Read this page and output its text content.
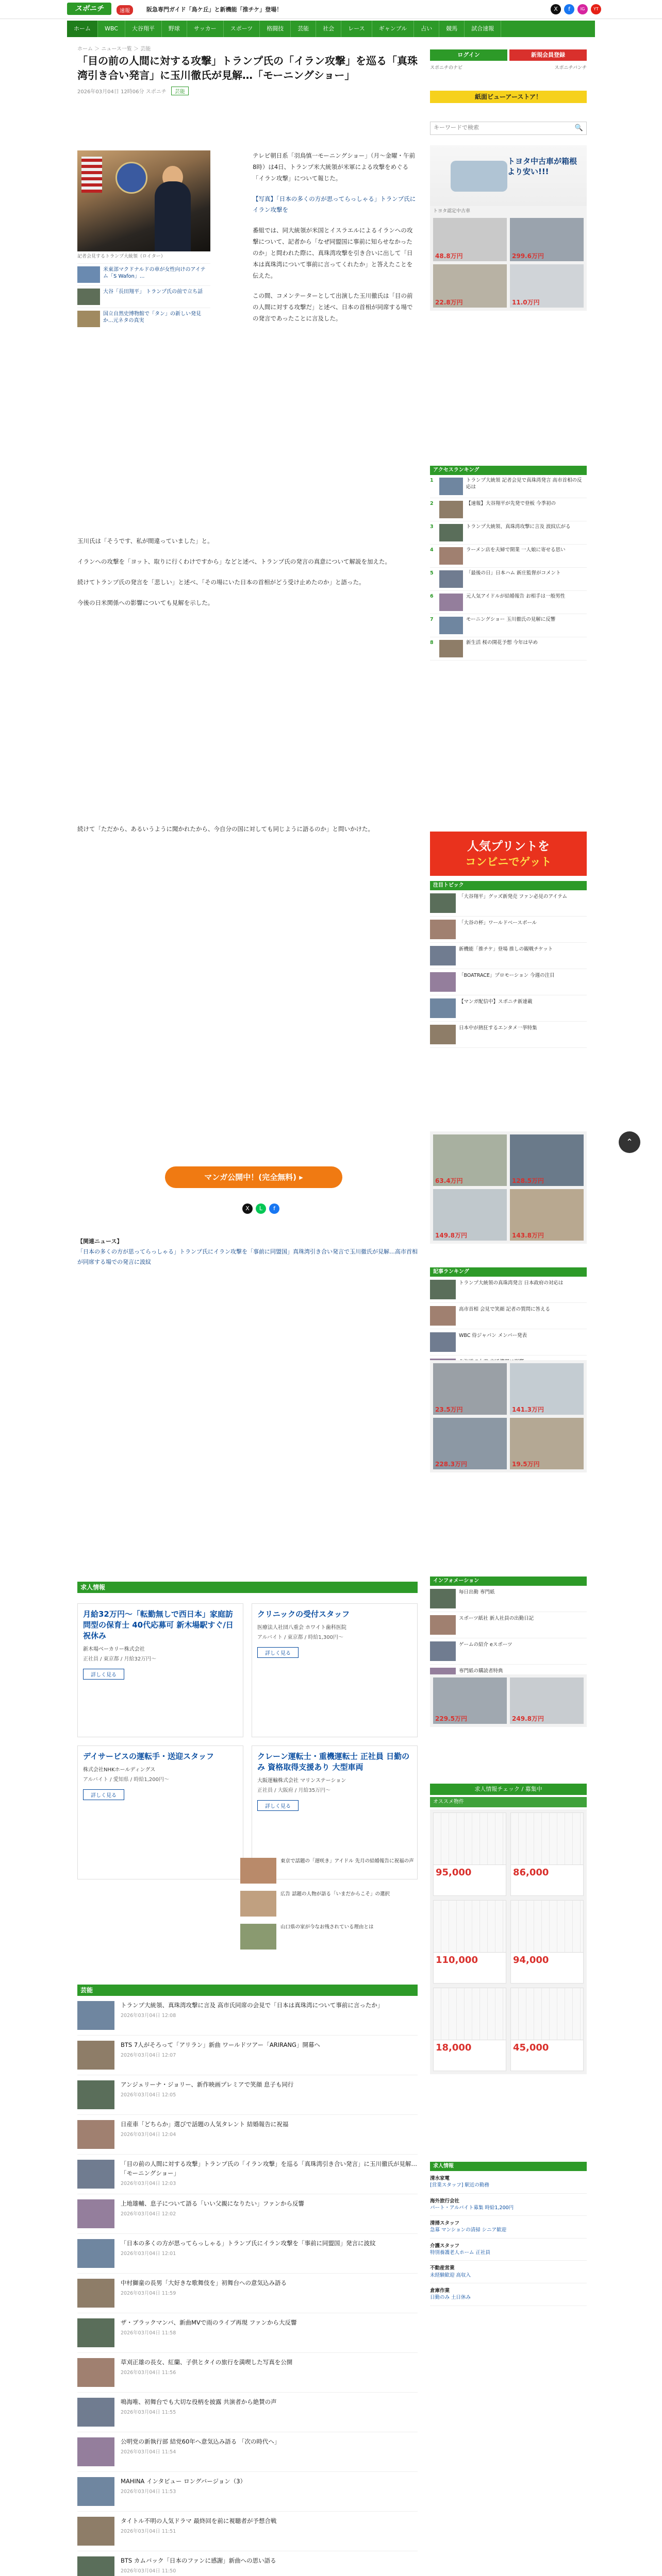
スポニチ	速報	阪急専門ガイド「鳥ケ丘」と新機能「推チケ」登場！	X	f	IG	YT
ホーム WBC 大谷翔平 野球 サッカー スポーツ 格闘技 芸能 社会 レース ギャンブル 占い 競馬 試合速報
ホーム ＞ ニュース一覧 ＞ 芸能
「目の前の人間に対する攻撃」トランプ氏の「イラン攻撃」を巡る「真珠湾引き合い発言」に玉川徹氏が見解…「モーニングショー」
2026年03月04日 12時06分 スポニチ 芸能
記者会見するトランプ大統領（ロイター）
米東部マクドナルドの車が女性向けのアイテム「S Wafon」...
大谷「長田翔平」 トランプ氏の前で立ち話
国立自然史博物館で「タン」の新しい発見か...元ネタの真実

テレビ朝日系「羽鳥慎一モーニングショー」（月～金曜・午前8時）は4日、トランプ米大統領が米軍による攻撃をめぐる「イラン攻撃」について報じた。

【写真】「日本の多くの方が思ってらっしゃる」トランプ氏にイラン攻撃を

番組では、同大統領が米国とイスラエルによるイランへの攻撃について、記者から「なぜ同盟国に事前に知らせなかったのか」と問われた際に、真珠湾攻撃を引き合いに出して「日本は真珠湾について事前に言ってくれたか」と答えたことを伝えた。

この間、コメンテーターとして出演した玉川徹氏は「目の前の人間に対する攻撃だ」と述べ、日本の首相が同席する場での発言であったことに言及した。

玉川氏は「そうです、私が間違っていました」と。

イランへの攻撃を「ヨット、取りに行くわけですから」などと述べ、トランプ氏の発言の真意について解説を加えた。

続けてトランプ氏の発言を「悲しい」と述べ、「その場にいた日本の首相がどう受け止めたのか」と語った。

今後の日米関係への影響についても見解を示した。

続けて「ただから、あるいうように聞かれたから、今自分の国に対しても同じように語るのか」と問いかけた。

マンガ公開中！(完全無料) ▸
X	L	f
【関連ニュース】
「日本の多くの方が思ってらっしゃる」トランプ氏にイラン攻撃を「事前に同盟国」真珠湾引き合い発言で玉川徹氏が見解…高市首相が同席する場での発言に波紋
求人情報
月給32万円～「転勤無しで西日本」家庭訪問型の保育士 40代応募可 新木場駅すぐ/日祝休み
新木場ベーカリー株式会社
正社員 / 東京都 / 月給32万円～
詳しく見る
クリニックの受付スタッフ
医療法人社団八重会 ホワイト歯科医院
アルバイト / 東京都 / 時給1,300円～
詳しく見る
デイサービスの運転手・送迎スタッフ
株式会社NHKホールディングス
アルバイト / 愛知県 / 時給1,200円～
詳しく見る
クレーン運転士・重機運転士 正社員 日勤のみ 資格取得支援あり 大型車両
大阪運輸株式会社 マリンステーション
正社員 / 大阪府 / 月給35万円～
詳しく見る
東京で話題の「遅咲き」アイドル 先月の結婚報告に祝福の声
広告 話題の人物が語る「いまだからこそ」の選択
山口県の家が今なお残されている理由とは
芸能
トランプ大統領、真珠湾攻撃に言及 高市氏同席の会見で「日本は真珠湾について事前に言ったか」
2026年03月04日 12:08
BTS 7人がそろって「アリラン」新曲 ワールドツアー「ARIRANG」開幕へ
2026年03月04日 12:07
アンジェリーナ・ジョリー、新作映画プレミアで笑顔 息子も同行
2026年03月04日 12:05
日産車「どちらか」選びで話題の人気タレント 結婚報告に祝福
2026年03月04日 12:04
「目の前の人間に対する攻撃」トランプ氏の「イラン攻撃」を巡る「真珠湾引き合い発言」に玉川徹氏が見解…「モーニングショー」
2026年03月04日 12:03
上地雄輔、息子について語る「いい父親になりたい」ファンから反響
2026年03月04日 12:02
「日本の多くの方が思ってらっしゃる」トランプ氏にイラン攻撃を「事前に同盟国」発言に波紋
2026年03月04日 12:01
中村獅童の長男「大好きな歌舞伎を」初舞台への意気込み語る
2026年03月04日 11:59
ザ・ブラックマンバ、新曲MVで雨のライブ再現 ファンから大反響
2026年03月04日 11:58
草刈正雄の長女、紅蘭、子供とタイの旅行を満喫した写真を公開
2026年03月04日 11:56
鳴海唯、初舞台でも大切な役柄を披露 共演者から絶賛の声
2026年03月04日 11:55
公明党の新執行部 結党60年へ意気込み語る 「次の時代へ」
2026年03月04日 11:54
MAHINA インタビュー ロングバージョン（3）
2026年03月04日 11:53
タイトル不明の人気ドラマ 最終回を前に視聴者が予想合戦
2026年03月04日 11:51
BTS カムバック「日本のファンに感謝」新曲への思い語る
2026年03月04日 11:50
ログイン	新規会員登録
スポニチのナビ	スポニチバンチ
紙面ビューアーストア！
キーワードで検索
🔍
トヨタ中古車が箱根より安い!!!
トヨタ認定中古車
48.8万円	299.6万円
22.8万円	11.0万円
アクセスランキング
1	トランプ大統領 記者会見で真珠湾発言 高市首相の反応は
2	【速報】大谷翔平が先発で登板 今季初の
3	トランプ大統領、真珠湾攻撃に言及 波紋広がる
4	ラーメン店を夫婦で開業 一人娘に寄せる思い
5	「最後の日」日本ハム 新庄監督がコメント
6	元人気アイドルが結婚報告 お相手は一般男性
7	モーニングショー 玉川徹氏の見解に反響
8	新生活 桜の開花予想 今年は早め
人気プリントを
コンビニでゲット
注目トピック
「大谷翔平」グッズ新発売 ファン必見のアイテム
「大谷の杯」ワールドベースボール
新機能「推チケ」登場 推しの観戦チケット
「BOATRACE」プロモーション 今週の注目
【マンガ配信中】スポニチ新連載
日本中が熱狂するエンタメ一挙特集
63.4万円	128.5万円
149.8万円	143.8万円
記事ランキング
トランプ大統領の真珠湾発言 日本政府の対応は
高市首相 会見で笑顔 記者の質問に答える
WBC 侍ジャパン メンバー発表
23.5万円	141.3万円
228.3万円	19.5万円
インフォメーション
毎日出勤 専門紙
スポーツ紙社 新人社員の出勤日記
ゲームの紹介 eスポーツ
専門紙の購読者特典
229.5万円	249.8万円
求人情報チェック / 募集中
オススメ物件
95,000	86,000
110,000	94,000
18,000	45,000
求人情報
清水家電
[営業スタッフ] 駅近の勤務
海外旅行会社
パート・アルバイト募集 時給1,200円
清掃スタッフ
急募 マンションの清掃 シニア歓迎
介護スタッフ
特別養護老人ホーム 正社員
不動産営業
未経験歓迎 高収入
倉庫作業
日勤のみ 土日休み
⌃
